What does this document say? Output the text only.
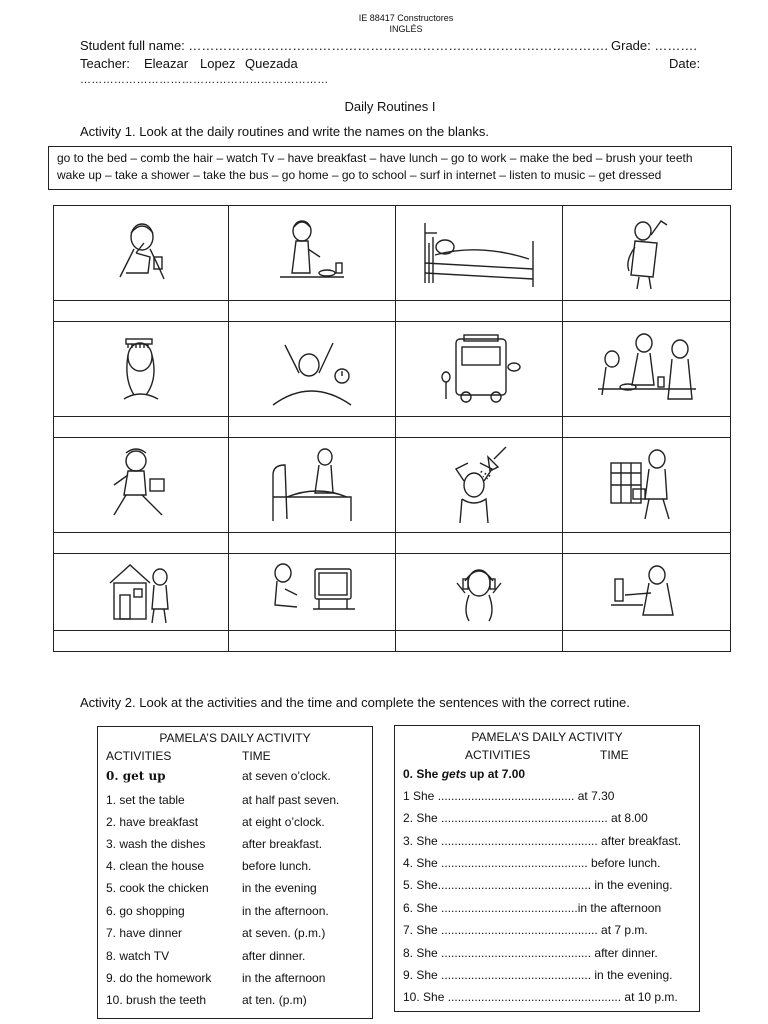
IE 88417 Constructores
INGLÉS
Student full name: ……………………………………………………………………………………. Grade: ……….
Teacher: Eleazar Lopez Quezada	Date:
…………………………………………………………
Daily Routines I
Activity 1. Look at the daily routines and write the names on the blanks.
go to the bed – comb the hair – watch Tv – have breakfast – have lunch – go to work – make the bed – brush your teeth
wake up – take a shower – take the bus – go home – go to school – surf in internet – listen to music – get dressed

Activity 2. Look at the activities and the time and complete the sentences with the correct rutine.
PAMELA’S DAILY ACTIVITY
ACTIVITIES	TIME
0. get up	at seven o’clock.
1. set the table	at half past seven.
2. have breakfast	at eight o’clock.
3. wash the dishes	after breakfast.
4. clean the house	before lunch.
5. cook the chicken	in the evening
6. go shopping	in the afternoon.
7. have dinner	at seven. (p.m.)
8. watch TV	after dinner.
9. do the homework	in the afternoon
10. brush the teeth	at ten. (p.m)
PAMELA’S DAILY ACTIVITY
ACTIVITIES	TIME
0. She gets up at 7.00
1 She ......................................... at 7.30
2. She .................................................. at 8.00
3. She ............................................... after breakfast.
4. She ............................................ before lunch.
5. She.............................................. in the evening.
6. She .........................................in the afternoon
7. She ............................................... at 7 p.m.
8. She ............................................. after dinner.
9. She ............................................. in the evening.
10. She .................................................... at 10 p.m.
